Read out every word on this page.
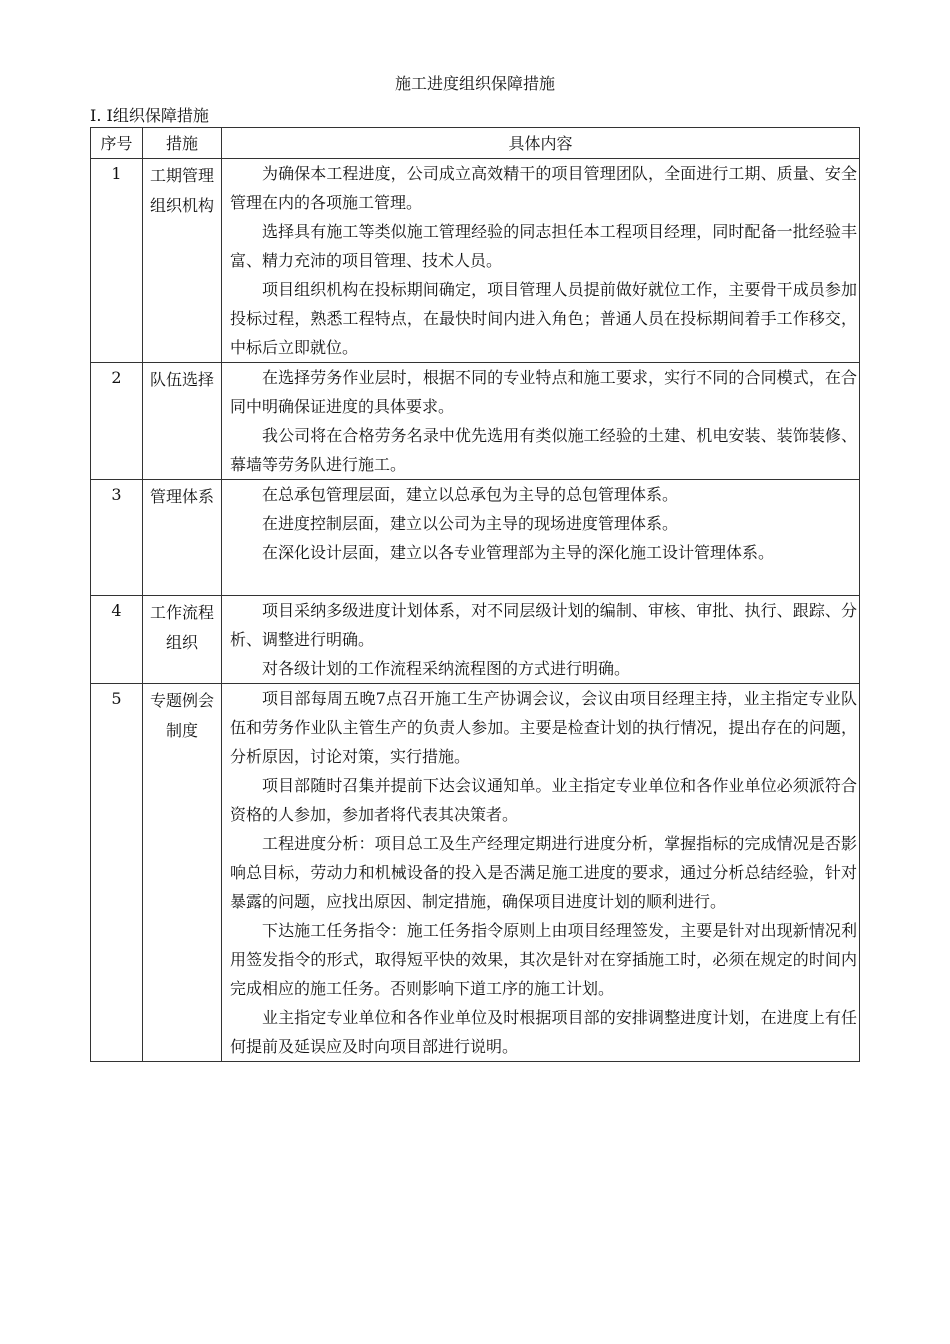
施工进度组织保障措施
I. I组织保障措施
序号	措施	具体内容
1	工期管理组织机构	为确保本工程进度，公司成立高效精干的项目管理团队，全面进行工期、质量、安全管理在内的各项施工管理。

选择具有施工等类似施工管理经验的同志担任本工程项目经理，同时配备一批经验丰富、精力充沛的项目管理、技术人员。

项目组织机构在投标期间确定，项目管理人员提前做好就位工作，主要骨干成员参加投标过程，熟悉工程特点，在最快时间内进入角色；普通人员在投标期间着手工作移交，中标后立即就位。

2	队伍选择	在选择劳务作业层时，根据不同的专业特点和施工要求，实行不同的合同模式，在合同中明确保证进度的具体要求。

我公司将在合格劳务名录中优先选用有类似施工经验的土建、机电安装、装饰装修、幕墙等劳务队进行施工。

3	管理体系	在总承包管理层面，建立以总承包为主导的总包管理体系。

在进度控制层面，建立以公司为主导的现场进度管理体系。

在深化设计层面，建立以各专业管理部为主导的深化施工设计管理体系。

4	工作流程组织	项目采纳多级进度计划体系，对不同层级计划的编制、审核、审批、执行、跟踪、分析、调整进行明确。

对各级计划的工作流程采纳流程图的方式进行明确。

5	专题例会制度	项目部每周五晚7点召开施工生产协调会议，会议由项目经理主持，业主指定专业队伍和劳务作业队主管生产的负责人参加。主要是检查计划的执行情况，提出存在的问题，分析原因，讨论对策，实行措施。

项目部随时召集并提前下达会议通知单。业主指定专业单位和各作业单位必须派符合资格的人参加，参加者将代表其决策者。

工程进度分析：项目总工及生产经理定期进行进度分析，掌握指标的完成情况是否影响总目标，劳动力和机械设备的投入是否满足施工进度的要求，通过分析总结经验，针对暴露的问题，应找出原因、制定措施，确保项目进度计划的顺利进行。

下达施工任务指令：施工任务指令原则上由项目经理签发，主要是针对出现新情况利用签发指令的形式，取得短平快的效果，其次是针对在穿插施工时，必须在规定的时间内完成相应的施工任务。否则影响下道工序的施工计划。

业主指定专业单位和各作业单位及时根据项目部的安排调整进度计划，在进度上有任何提前及延误应及时向项目部进行说明。
